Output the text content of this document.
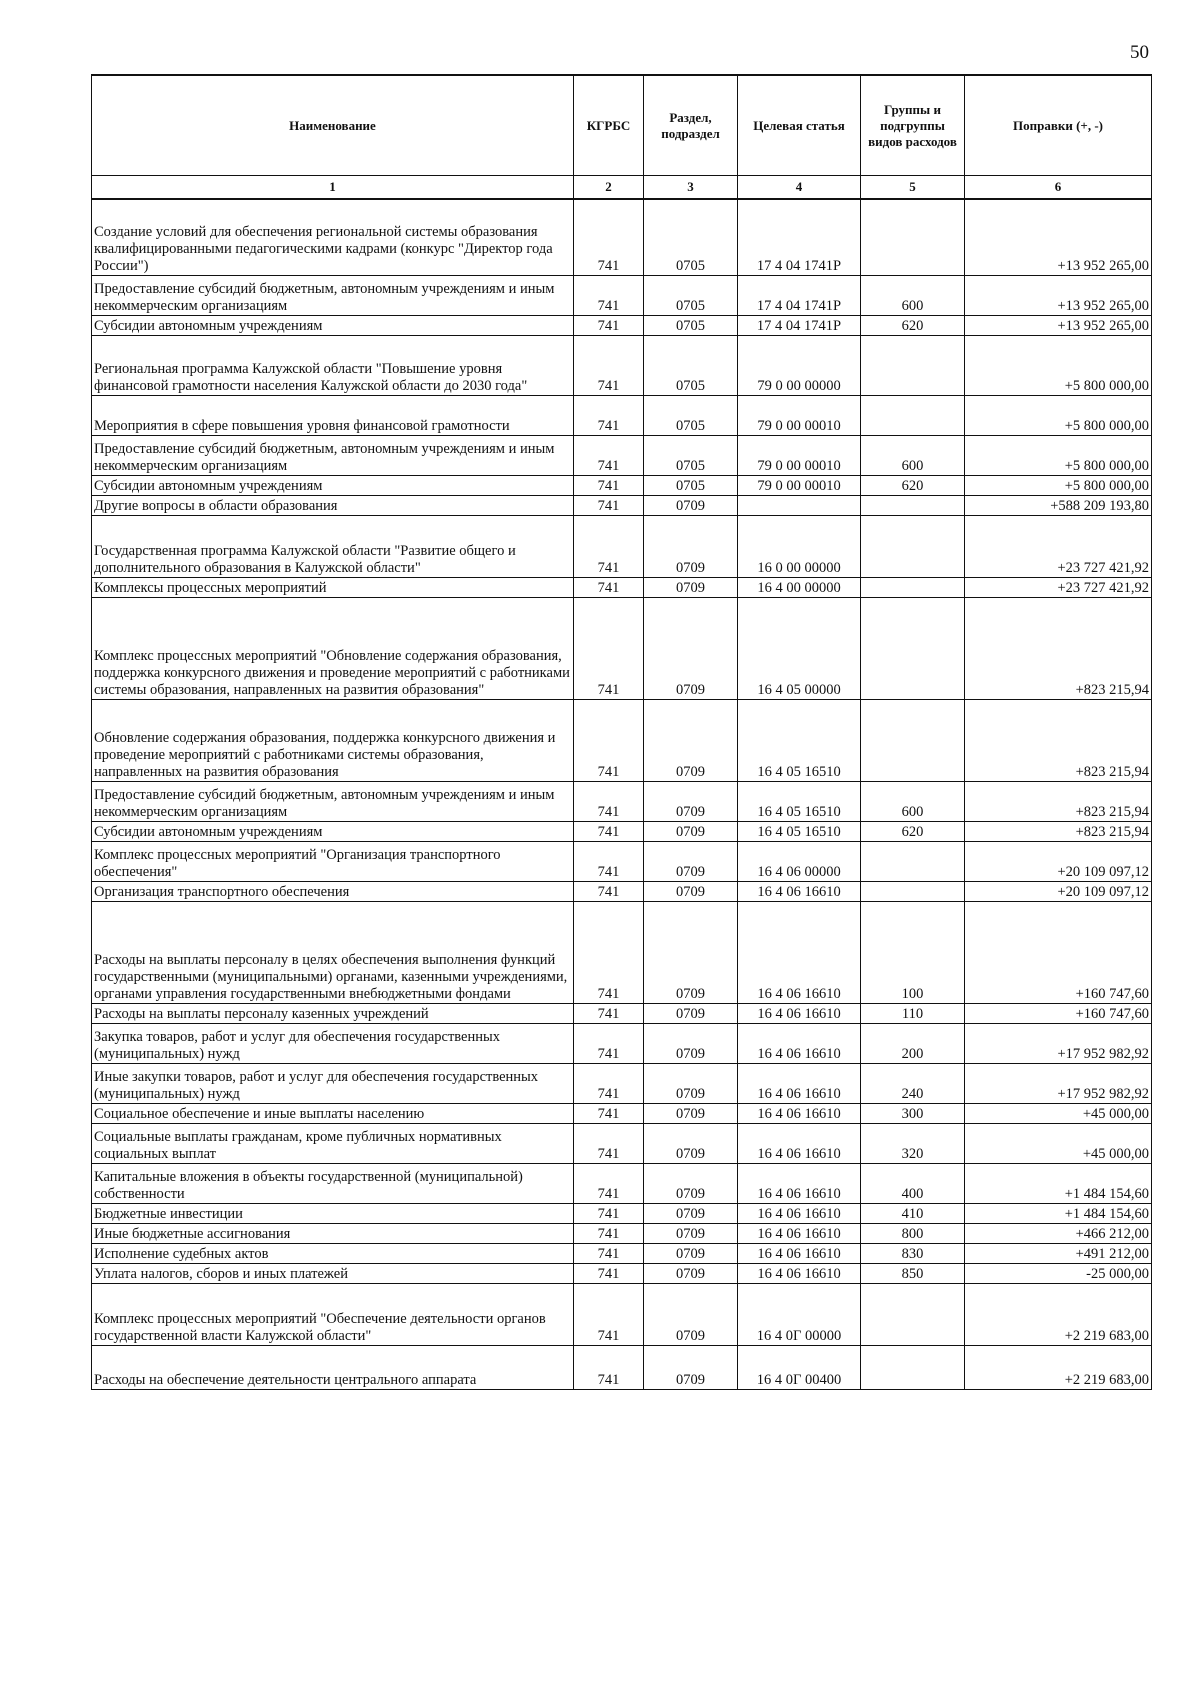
50
Наименование	КГРБС	Раздел, подраздел	Целевая статья	Группы и подгруппы видов расходов	Поправки (+, -)
1	2	3	4	5	6
Создание условий для обеспечения региональной системы образования квалифицированными педагогическими кадрами (конкурс "Директор года России")	741	0705	17 4 04 1741Р		+13 952 265,00
Предоставление субсидий бюджетным, автономным учреждениям и иным некоммерческим организациям	741	0705	17 4 04 1741Р	600	+13 952 265,00
Субсидии автономным учреждениям	741	0705	17 4 04 1741Р	620	+13 952 265,00
Региональная программа Калужской области "Повышение уровня финансовой грамотности населения Калужской области до 2030 года"	741	0705	79 0 00 00000		+5 800 000,00
Мероприятия в сфере повышения уровня финансовой грамотности	741	0705	79 0 00 00010		+5 800 000,00
Предоставление субсидий бюджетным, автономным учреждениям и иным некоммерческим организациям	741	0705	79 0 00 00010	600	+5 800 000,00
Субсидии автономным учреждениям	741	0705	79 0 00 00010	620	+5 800 000,00
Другие вопросы в области образования	741	0709			+588 209 193,80
Государственная программа Калужской области "Развитие общего и дополнительного образования в Калужской области"	741	0709	16 0 00 00000		+23 727 421,92
Комплексы процессных мероприятий	741	0709	16 4 00 00000		+23 727 421,92
Комплекс процессных мероприятий "Обновление содержания образования, поддержка конкурсного движения и проведение мероприятий с работниками системы образования, направленных на развития образования"	741	0709	16 4 05 00000		+823 215,94
Обновление содержания образования, поддержка конкурсного движения и проведение мероприятий с работниками системы образования, направленных на развития образования	741	0709	16 4 05 16510		+823 215,94
Предоставление субсидий бюджетным, автономным учреждениям и иным некоммерческим организациям	741	0709	16 4 05 16510	600	+823 215,94
Субсидии автономным учреждениям	741	0709	16 4 05 16510	620	+823 215,94
Комплекс процессных мероприятий "Организация транспортного обеспечения"	741	0709	16 4 06 00000		+20 109 097,12
Организация транспортного обеспечения	741	0709	16 4 06 16610		+20 109 097,12
Расходы на выплаты персоналу в целях обеспечения выполнения функций государственными (муниципальными) органами, казенными учреждениями, органами управления государственными внебюджетными фондами	741	0709	16 4 06 16610	100	+160 747,60
Расходы на выплаты персоналу казенных учреждений	741	0709	16 4 06 16610	110	+160 747,60
Закупка товаров, работ и услуг для обеспечения государственных (муниципальных) нужд	741	0709	16 4 06 16610	200	+17 952 982,92
Иные закупки товаров, работ и услуг для обеспечения государственных (муниципальных) нужд	741	0709	16 4 06 16610	240	+17 952 982,92
Социальное обеспечение и иные выплаты населению	741	0709	16 4 06 16610	300	+45 000,00
Социальные выплаты гражданам, кроме публичных нормативных социальных выплат	741	0709	16 4 06 16610	320	+45 000,00
Капитальные вложения в объекты государственной (муниципальной) собственности	741	0709	16 4 06 16610	400	+1 484 154,60
Бюджетные инвестиции	741	0709	16 4 06 16610	410	+1 484 154,60
Иные бюджетные ассигнования	741	0709	16 4 06 16610	800	+466 212,00
Исполнение судебных актов	741	0709	16 4 06 16610	830	+491 212,00
Уплата налогов, сборов и иных платежей	741	0709	16 4 06 16610	850	-25 000,00
Комплекс процессных мероприятий "Обеспечение деятельности органов государственной власти Калужской области"	741	0709	16 4 0Г 00000		+2 219 683,00
Расходы на обеспечение деятельности центрального аппарата	741	0709	16 4 0Г 00400		+2 219 683,00
